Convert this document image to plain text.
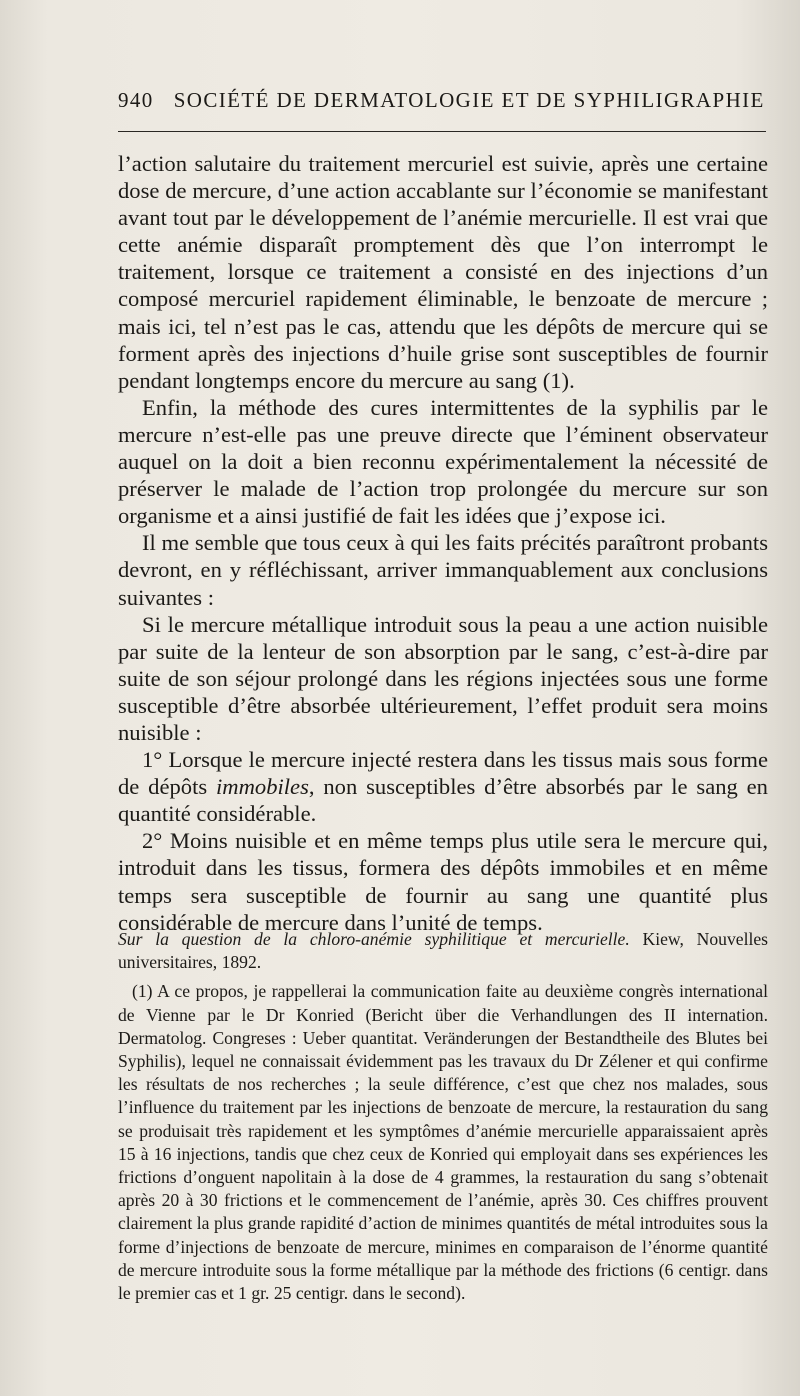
940 SOCIÉTÉ DE DERMATOLOGIE ET DE SYPHILIGRAPHIE

l’action salutaire du traitement mercuriel est suivie, après une certaine dose de mercure, d’une action accablante sur l’économie se manifestant avant tout par le développement de l’anémie mercurielle. Il est vrai que cette anémie disparaît promptement dès que l’on interrompt le traitement, lorsque ce traitement a consisté en des injections d’un composé mercuriel rapidement éliminable, le benzoate de mercure ; mais ici, tel n’est pas le cas, attendu que les dépôts de mercure qui se forment après des injections d’huile grise sont susceptibles de fournir pendant longtemps encore du mercure au sang (1).

Enfin, la méthode des cures intermittentes de la syphilis par le mercure n’est-elle pas une preuve directe que l’éminent observateur auquel on la doit a bien reconnu expérimentalement la nécessité de préserver le malade de l’action trop prolongée du mercure sur son organisme et a ainsi justifié de fait les idées que j’expose ici.

Il me semble que tous ceux à qui les faits précités paraîtront probants devront, en y réfléchissant, arriver immanquablement aux conclusions suivantes :

Si le mercure métallique introduit sous la peau a une action nuisible par suite de la lenteur de son absorption par le sang, c’est-à-dire par suite de son séjour prolongé dans les régions injectées sous une forme susceptible d’être absorbée ultérieurement, l’effet produit sera moins nuisible :

1° Lorsque le mercure injecté restera dans les tissus mais sous forme de dépôts immobiles, non susceptibles d’être absorbés par le sang en quantité considérable.

2° Moins nuisible et en même temps plus utile sera le mercure qui, introduit dans les tissus, formera des dépôts immobiles et en même temps sera susceptible de fournir au sang une quantité plus considérable de mercure dans l’unité de temps.

Sur la question de la chloro-anémie syphilitique et mercurielle. Kiew, Nouvelles universitaires, 1892.

(1) A ce propos, je rappellerai la communication faite au deuxième congrès international de Vienne par le Dr Konried (Bericht über die Verhandlungen des II internation. Dermatolog. Congreses : Ueber quantitat. Veränderungen der Bestandtheile des Blutes bei Syphilis), lequel ne connaissait évidemment pas les travaux du Dr Zélener et qui confirme les résultats de nos recherches ; la seule différence, c’est que chez nos malades, sous l’influence du traitement par les injections de benzoate de mercure, la restauration du sang se produisait très rapidement et les symptômes d’anémie mercurielle apparaissaient après 15 à 16 injections, tandis que chez ceux de Konried qui employait dans ses expériences les frictions d’onguent napolitain à la dose de 4 grammes, la restauration du sang s’obtenait après 20 à 30 frictions et le commencement de l’anémie, après 30. Ces chiffres prouvent clairement la plus grande rapidité d’action de minimes quantités de métal introduites sous la forme d’injections de benzoate de mercure, minimes en comparaison de l’énorme quantité de mercure introduite sous la forme métallique par la méthode des frictions (6 centigr. dans le premier cas et 1 gr. 25 centigr. dans le second).
